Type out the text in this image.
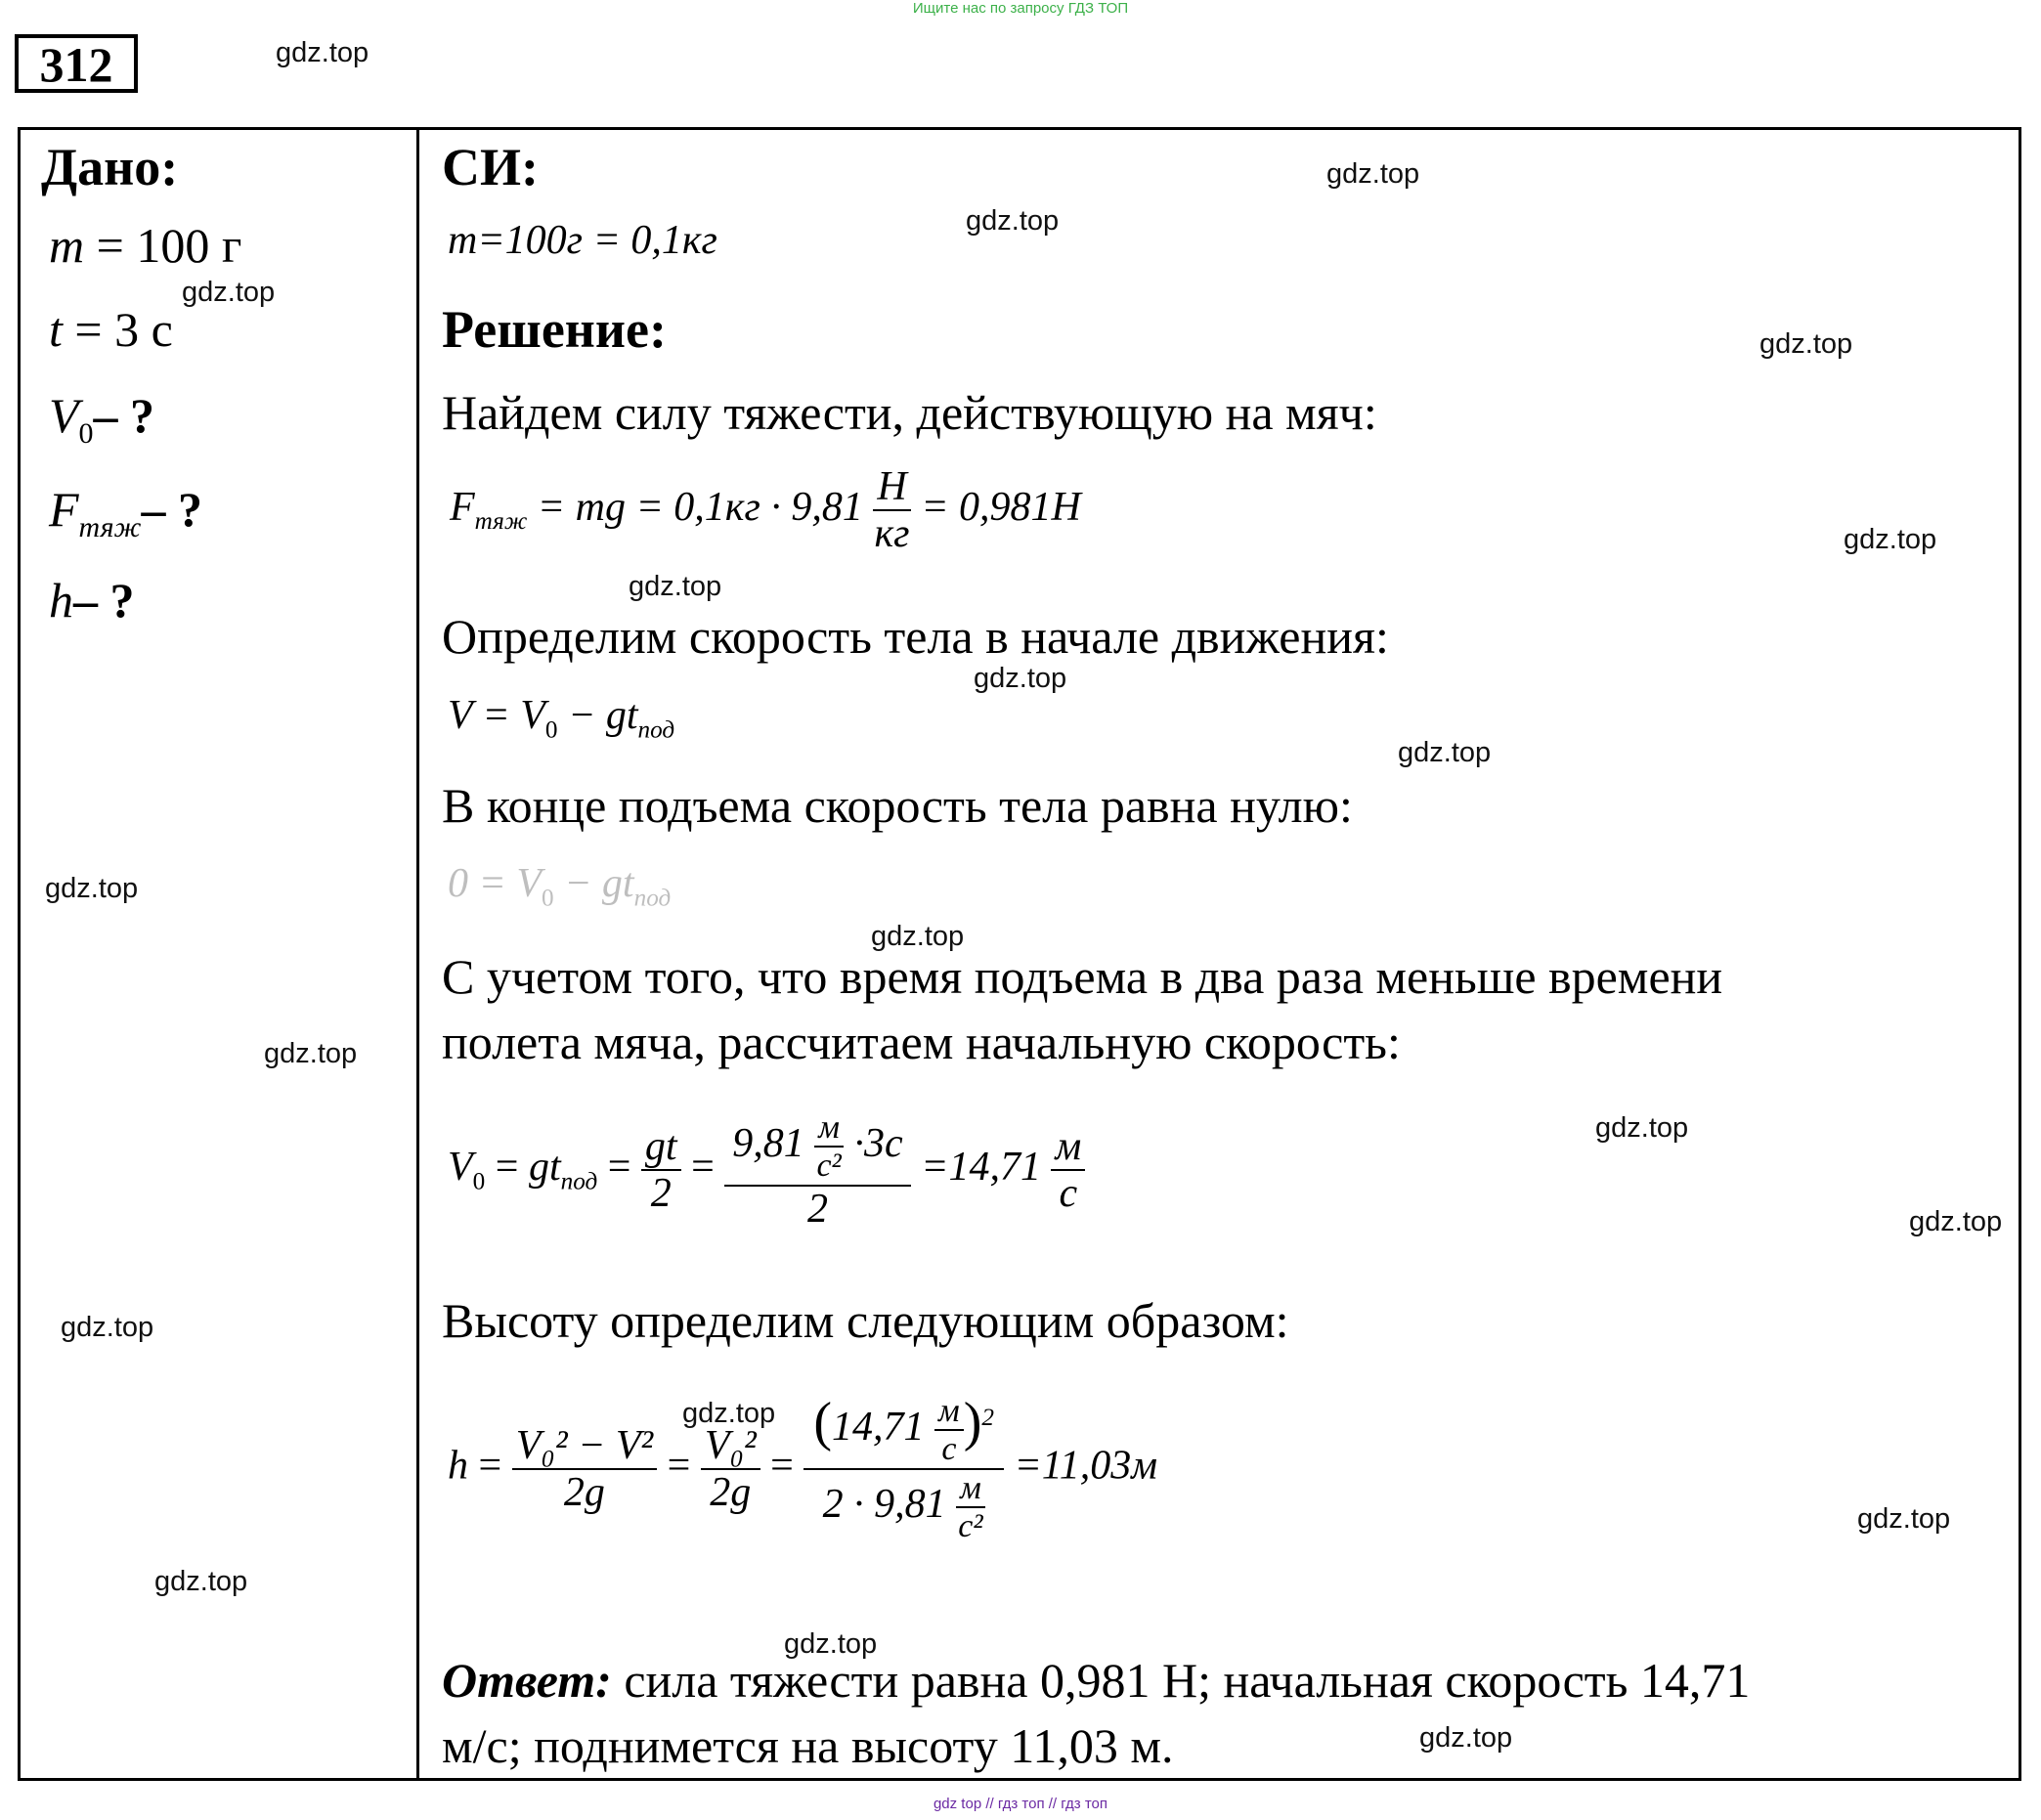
Ищите нас по запросу ГДЗ ТОП
312
Дано:
m = 100 г
t = 3 с
$V_0-$ ?
$F_{тяж}-$ ?
h– ?
СИ:
m=100г = 0,1кг
Решение:
Найдем силу тяжести, действующую на мяч:
$F_{тяж}$ = mg = $0,1кг \cdot 9,81 \frac{Н}{кг} = 0,981Н$
Определим скорость тела в начале движения:
$V = V_0 - gt_{под}$
В конце подъема скорость тела равна нулю:
$0 = V_0 - gt_{под}$
С учетом того, что время подъема в два раза меньше времени
полета мяча, рассчитаем начальную скорость:
$V_0 = gt_{под} = \frac{gt}{2} = \frac{9,81 \frac{м}{\text{с²}} \cdot 3с}{2} =14,71 \frac{м}{с}$
Высоту определим следующим образом:
$h = \frac{\text{V₀² − V²}}{2g} = \frac{\text{V₀²}}{2g} = \frac{(14,71 \frac{м}{с} )^2}{2 \cdot 9,81 \frac{м}{\text{с²}}} =11,03м$
Ответ: сила тяжести равна 0,981 Н; начальная скорость 14,71
м/с; поднимется на высоту 11,03 м.
gdz.top
gdz.top
gdz.top
gdz.top
gdz.top
gdz.top
gdz.top
gdz.top
gdz.top
gdz.top
gdz.top
gdz.top
gdz.top
gdz.top
gdz.top
gdz.top
gdz.top
gdz.top
gdz.top
gdz.top
gdz top // гдз топ // гдз топ
